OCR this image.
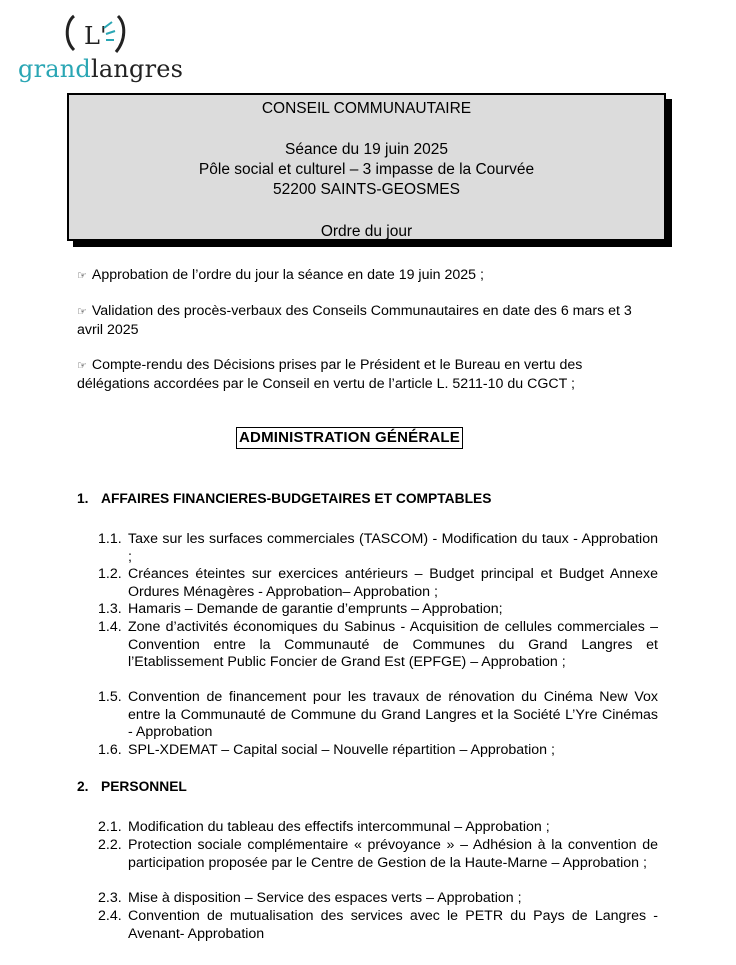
L'
grandlangres
CONSEIL COMMUNAUTAIRE
Séance du 19 juin 2025
Pôle social et culturel – 3 impasse de la Courvée
52200 SAINTS-GEOSMES
Ordre du jour
☞ Approbation de l’ordre du jour la séance en date 19 juin 2025 ;
☞ Validation des procès-verbaux des Conseils Communautaires en date des 6 mars et 3 avril 2025
☞ Compte-rendu des Décisions prises par le Président et le Bureau en vertu des délégations accordées par le Conseil en vertu de l’article L. 5211-10 du CGCT ;
ADMINISTRATION GÉNÉRALE
1. AFFAIRES FINANCIERES-BUDGETAIRES ET COMPTABLES
1.1. Taxe sur les surfaces commerciales (TASCOM) - Modification du taux - Approbation ;
1.2. Créances éteintes sur exercices antérieurs – Budget principal et Budget Annexe Ordures Ménagères - Approbation– Approbation ;
1.3. Hamaris – Demande de garantie d’emprunts – Approbation;
1.4. Zone d’activités économiques du Sabinus - Acquisition de cellules commerciales – Convention entre la Communauté de Communes du Grand Langres et l’Etablissement Public Foncier de Grand Est (EPFGE) – Approbation ;
1.5. Convention de financement pour les travaux de rénovation du Cinéma New Vox entre la Communauté de Commune du Grand Langres et la Société L’Yre Cinémas - Approbation
1.6. SPL-XDEMAT – Capital social – Nouvelle répartition – Approbation ;
2. PERSONNEL
2.1. Modification du tableau des effectifs intercommunal – Approbation ;
2.2. Protection sociale complémentaire « prévoyance » – Adhésion à la convention de participation proposée par le Centre de Gestion de la Haute-Marne – Approbation ;
2.3. Mise à disposition – Service des espaces verts – Approbation ;
2.4. Convention de mutualisation des services avec le PETR du Pays de Langres - Avenant- Approbation
